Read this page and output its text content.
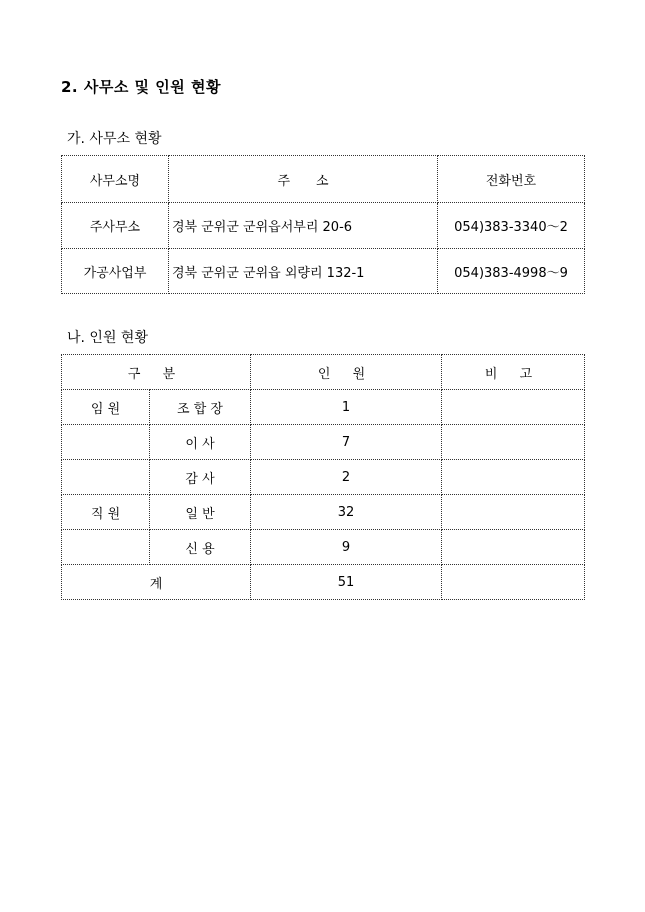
2. 사무소 및 인원 현황
가. 사무소 현황
사무소명	주　　소	전화번호
주사무소	경북 군위군 군위읍서부리 20-6	054)383-3340～2
가공사업부	경북 군위군 군위읍 외량리 132-1	054)383-4998～9
나. 인원 현황
구 분		인 원	비 고
임 원	조 합 장	1	
	이 사	7	
	감 사	2	
직 원	일 반	32	
	신 용	9	
계		51	
